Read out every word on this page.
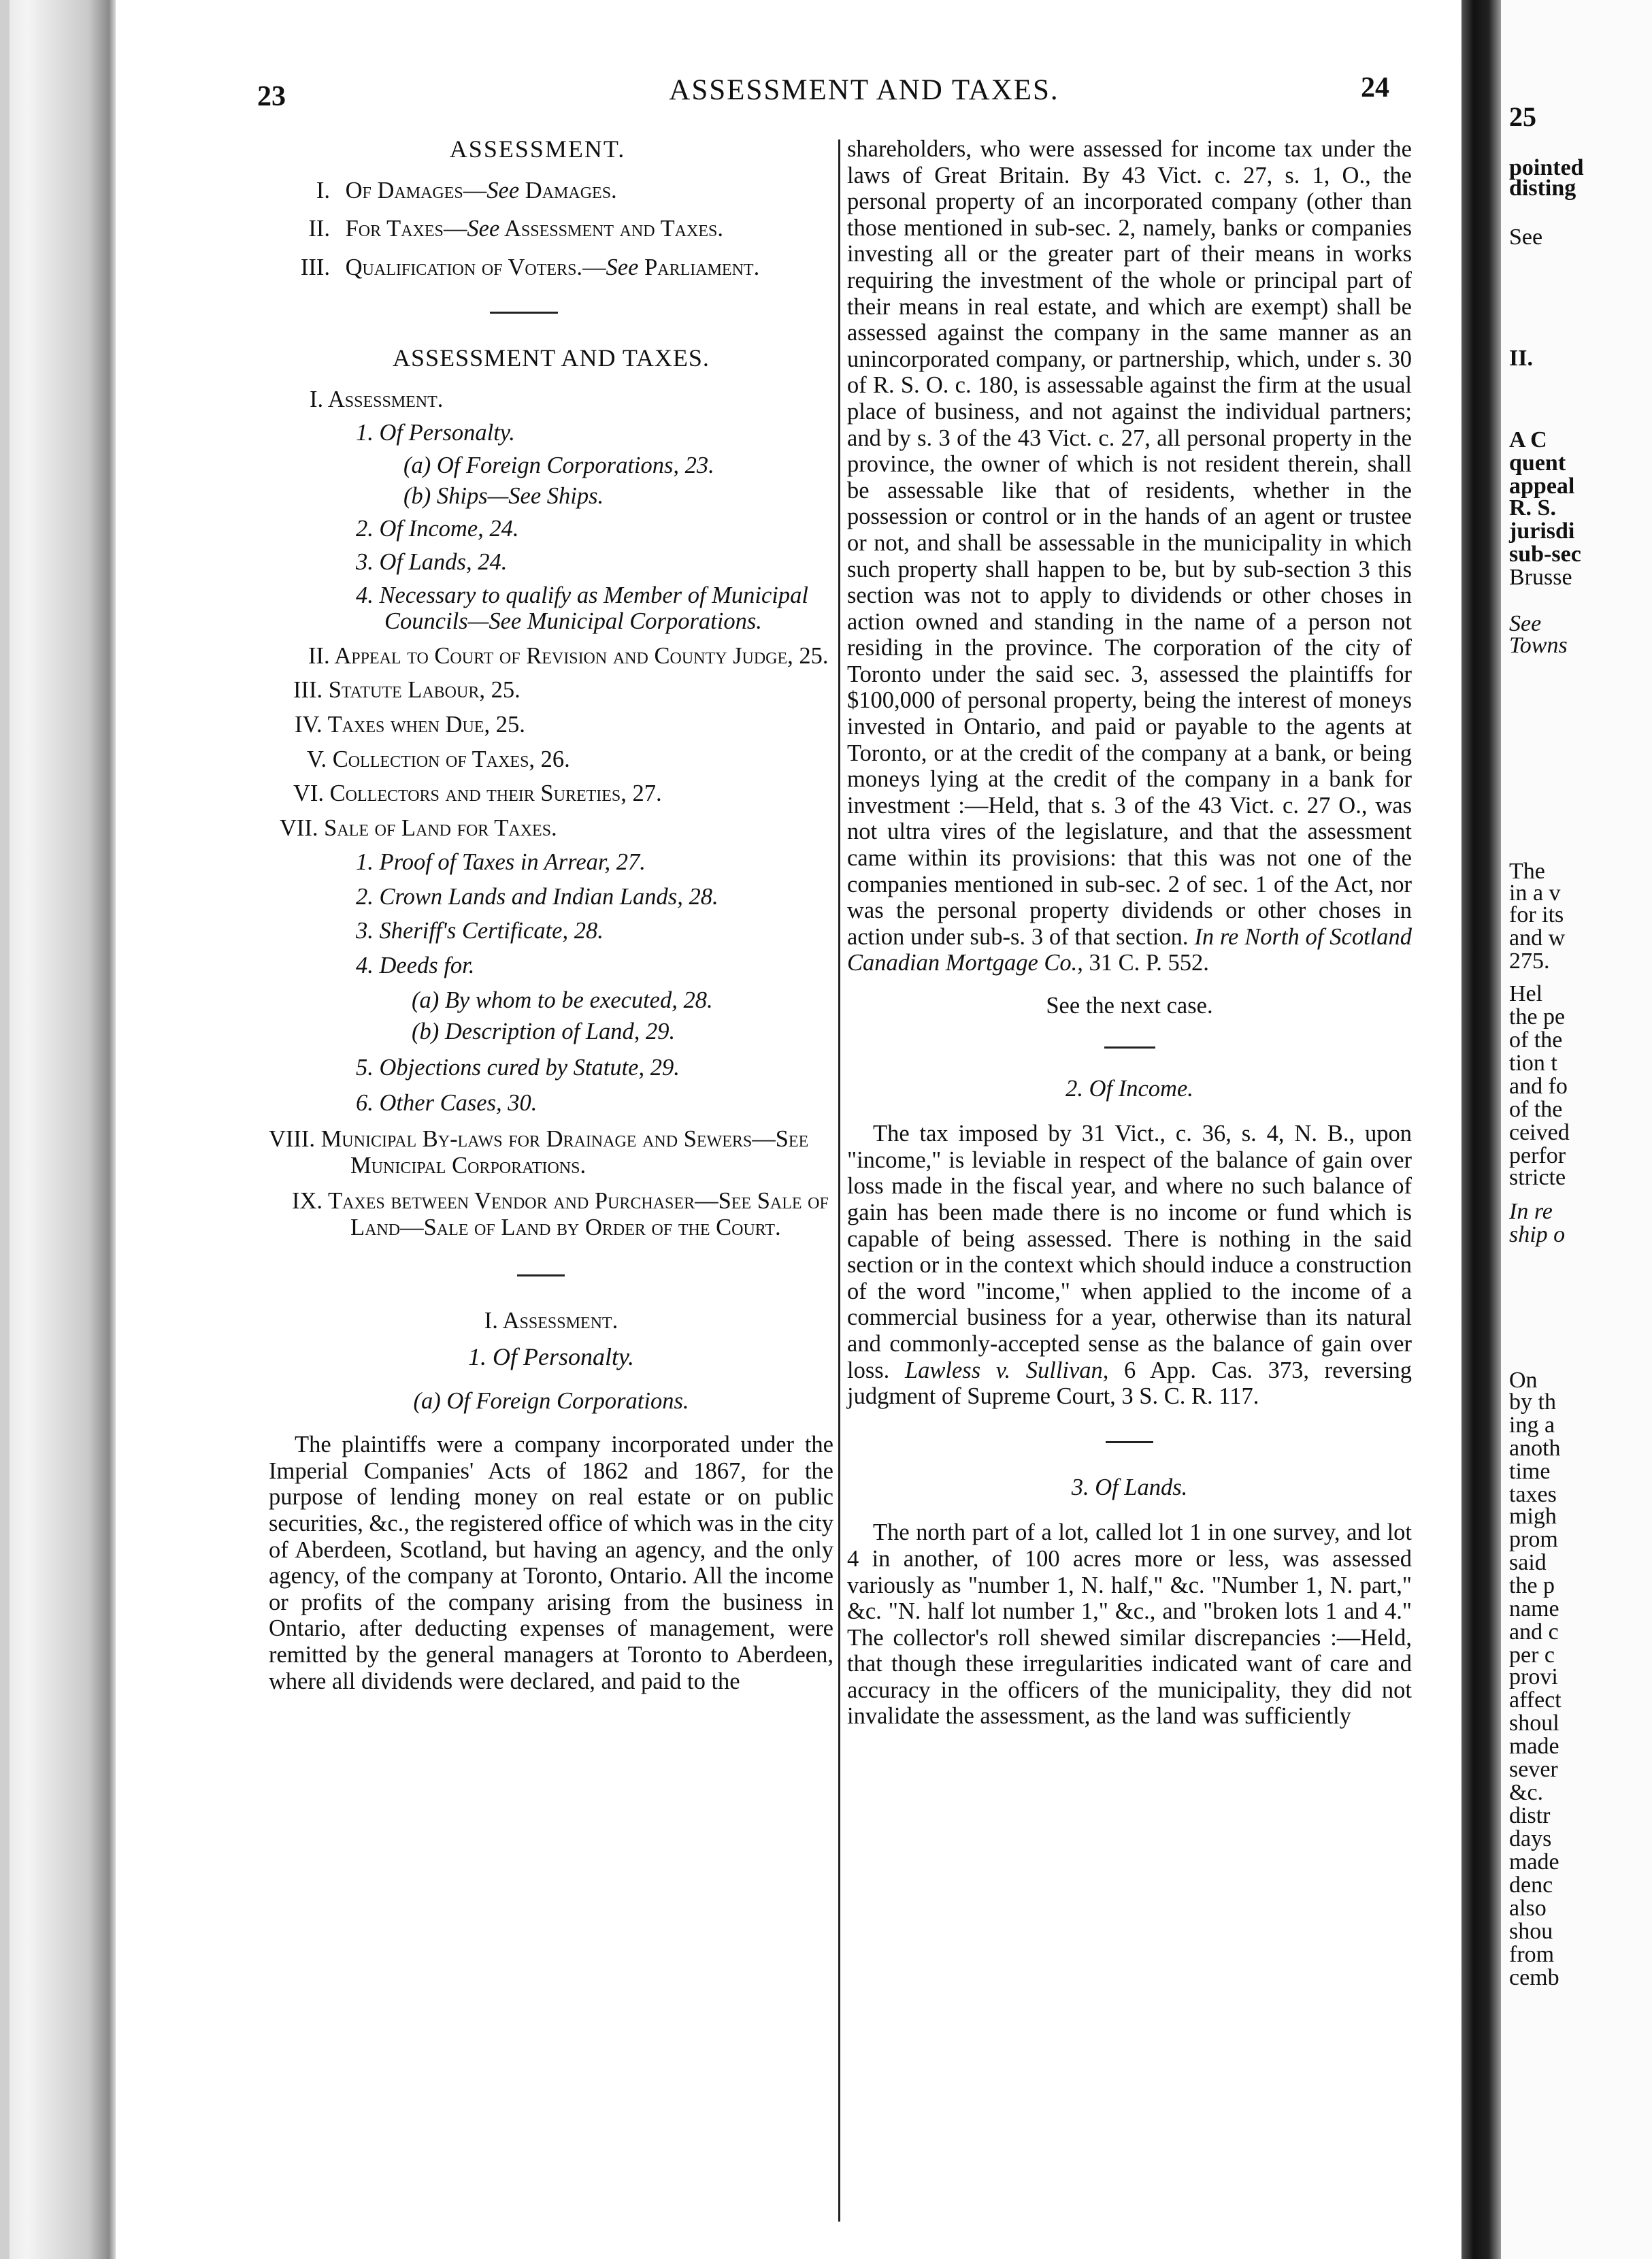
23	ASSESSMENT AND TAXES.	24
ASSESSMENT.
I. Of Damages—See Damages.
II. For Taxes—See Assessment and Taxes.
III. Qualification of Voters.—See Parliament.
ASSESSMENT AND TAXES.
I. Assessment.
1. Of Personalty.
(a) Of Foreign Corporations, 23.
(b) Ships—See Ships.
2. Of Income, 24.
3. Of Lands, 24.
4. Necessary to qualify as Member of Municipal Councils—See Municipal Corporations.
II. Appeal to Court of Revision and County Judge, 25.
III. Statute Labour, 25.
IV. Taxes when Due, 25.
V. Collection of Taxes, 26.
VI. Collectors and their Sureties, 27.
VII. Sale of Land for Taxes.
1. Proof of Taxes in Arrear, 27.
2. Crown Lands and Indian Lands, 28.
3. Sheriff's Certificate, 28.
4. Deeds for.
(a) By whom to be executed, 28.
(b) Description of Land, 29.
5. Objections cured by Statute, 29.
6. Other Cases, 30.
VIII. Municipal By-laws for Drainage and Sewers—See Municipal Corporations.
IX. Taxes between Vendor and Purchaser—See Sale of Land—Sale of Land by Order of the Court.
I. Assessment.
1. Of Personalty.
(a) Of Foreign Corporations.

The plaintiffs were a company incorporated under the Imperial Companies' Acts of 1862 and 1867, for the purpose of lending money on real estate or on public securities, &c., the registered office of which was in the city of Aberdeen, Scotland, but having an agency, and the only agency, of the company at Toronto, Ontario. All the income or profits of the company arising from the business in Ontario, after deducting expenses of management, were remitted by the general managers at Toronto to Aberdeen, where all dividends were declared, and paid to the

shareholders, who were assessed for income tax under the laws of Great Britain. By 43 Vict. c. 27, s. 1, O., the personal property of an incorporated company (other than those mentioned in sub-sec. 2, namely, banks or companies investing all or the greater part of their means in works requiring the investment of the whole or principal part of their means in real estate, and which are exempt) shall be assessed against the company in the same manner as an unincorporated company, or partnership, which, under s. 30 of R. S. O. c. 180, is assessable against the firm at the usual place of business, and not against the individual partners; and by s. 3 of the 43 Vict. c. 27, all personal property in the province, the owner of which is not resident therein, shall be assessable like that of residents, whether in the possession or control or in the hands of an agent or trustee or not, and shall be assessable in the municipality in which such property shall happen to be, but by sub-section 3 this section was not to apply to dividends or other choses in action owned and standing in the name of a person not residing in the province. The corporation of the city of Toronto under the said sec. 3, assessed the plaintiffs for $100,000 of personal property, being the interest of moneys invested in Ontario, and paid or payable to the agents at Toronto, or at the credit of the company at a bank, or being moneys lying at the credit of the company in a bank for investment :—Held, that s. 3 of the 43 Vict. c. 27 O., was not ultra vires of the legislature, and that the assessment came within its provisions: that this was not one of the companies mentioned in sub-sec. 2 of sec. 1 of the Act, nor was the personal property dividends or other choses in action under sub-s. 3 of that section. In re North of Scotland Canadian Mortgage Co., 31 C. P. 552.

See the next case.
2. Of Income.

The tax imposed by 31 Vict., c. 36, s. 4, N. B., upon "income," is leviable in respect of the balance of gain over loss made in the fiscal year, and where no such balance of gain has been made there is no income or fund which is capable of being assessed. There is nothing in the said section or in the context which should induce a construction of the word "income," when applied to the income of a commercial business for a year, otherwise than its natural and commonly-accepted sense as the balance of gain over loss. Lawless v. Sullivan, 6 App. Cas. 373, reversing judgment of Supreme Court, 3 S. C. R. 117.

3. Of Lands.

The north part of a lot, called lot 1 in one survey, and lot 4 in another, of 100 acres more or less, was assessed variously as "number 1, N. half," &c. "Number 1, N. part," &c. "N. half lot number 1," &c., and "broken lots 1 and 4." The collector's roll shewed similar discrepancies :—Held, that though these irregularities indicated want of care and accuracy in the officers of the municipality, they did not invalidate the assessment, as the land was sufficiently

25
pointed
disting
See
II.
A C
quent
appeal
R. S.
jurisdi
sub-sec
Brusse
See
Towns
The
in a v
for its
and w
275.
Hel
the pe
of the
tion t
and fo
of the
ceived
perfor
stricte
In re
ship o
On
by th
ing a
anoth
time
taxes
migh
prom
said
the p
name
and c
per c
provi
affect
shoul
made
sever
&c.
distr
days
made
denc
also
shou
from
cemb
